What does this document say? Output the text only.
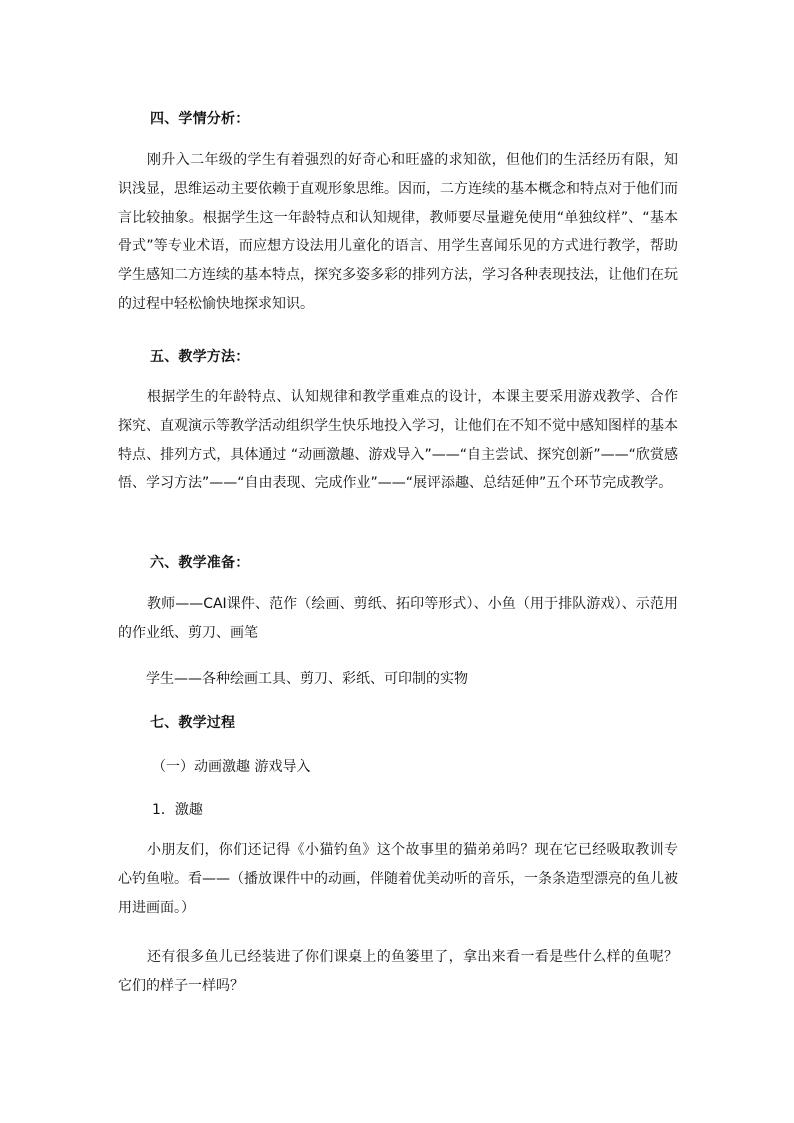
四、学情分析：

刚升入二年级的学生有着强烈的好奇心和旺盛的求知欲，但他们的生活经历有限，知识浅显，思维运动主要依赖于直观形象思维。因而，二方连续的基本概念和特点对于他们而言比较抽象。根据学生这一年龄特点和认知规律，教师要尽量避免使用“单独纹样”、“基本骨式”等专业术语，而应想方设法用儿童化的语言、用学生喜闻乐见的方式进行教学，帮助学生感知二方连续的基本特点，探究多姿多彩的排列方法，学习各种表现技法，让他们在玩的过程中轻松愉快地探求知识。

五、教学方法：

根据学生的年龄特点、认知规律和教学重难点的设计，本课主要采用游戏教学、合作探究、直观演示等教学活动组织学生快乐地投入学习，让他们在不知不觉中感知图样的基本特点、排列方式，具体通过 “动画激趣、游戏导入”——“自主尝试、探究创新”——“欣赏感悟、学习方法”——“自由表现、完成作业”——“展评添趣、总结延伸”五个环节完成教学。

六、教学准备：

教师——CAI课件、范作（绘画、剪纸、拓印等形式）、小鱼（用于排队游戏）、示范用的作业纸、剪刀、画笔

学生——各种绘画工具、剪刀、彩纸、可印制的实物
七、教学过程
（一）动画激趣 游戏导入
1．激趣

小朋友们，你们还记得《小猫钓鱼》这个故事里的猫弟弟吗？现在它已经吸取教训专心钓鱼啦。看——（播放课件中的动画，伴随着优美动听的音乐，一条条造型漂亮的鱼儿被用进画面。）

还有很多鱼儿已经装进了你们课桌上的鱼篓里了，拿出来看一看是些什么样的鱼呢？它们的样子一样吗？
